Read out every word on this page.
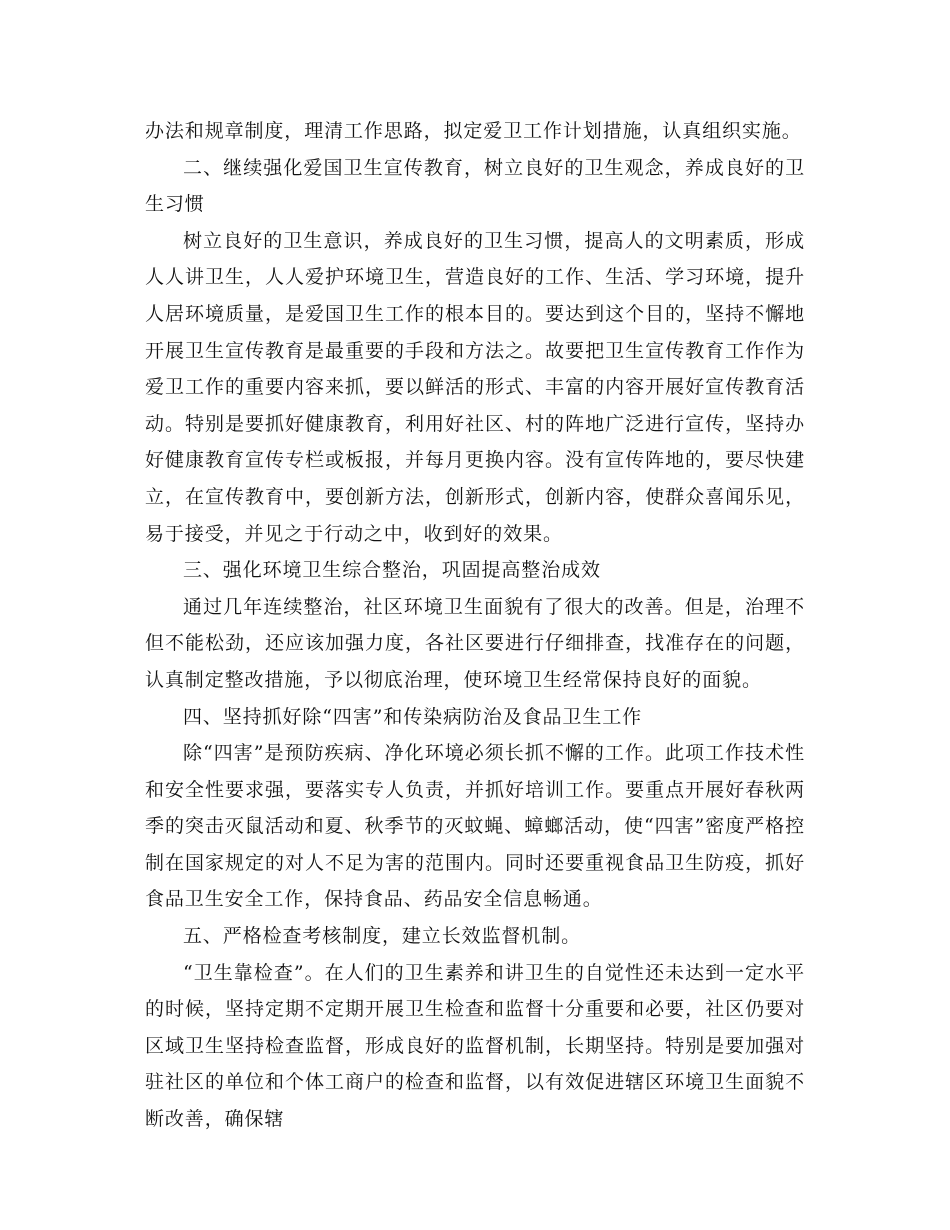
办法和规章制度，理清工作思路，拟定爱卫工作计划措施，认真组织实施。

二、继续强化爱国卫生宣传教育，树立良好的卫生观念，养成良好的卫生习惯

树立良好的卫生意识，养成良好的卫生习惯，提高人的文明素质，形成人人讲卫生，人人爱护环境卫生，营造良好的工作、生活、学习环境，提升人居环境质量，是爱国卫生工作的根本目的。要达到这个目的，坚持不懈地开展卫生宣传教育是最重要的手段和方法之。故要把卫生宣传教育工作作为爱卫工作的重要内容来抓，要以鲜活的形式、丰富的内容开展好宣传教育活动。特别是要抓好健康教育，利用好社区、村的阵地广泛进行宣传，坚持办好健康教育宣传专栏或板报，并每月更换内容。没有宣传阵地的，要尽快建立，在宣传教育中，要创新方法，创新形式，创新内容，使群众喜闻乐见，易于接受，并见之于行动之中，收到好的效果。

三、强化环境卫生综合整治，巩固提高整治成效

通过几年连续整治，社区环境卫生面貌有了很大的改善。但是，治理不但不能松劲，还应该加强力度，各社区要进行仔细排查，找准存在的问题，认真制定整改措施，予以彻底治理，使环境卫生经常保持良好的面貌。

四、坚持抓好除“四害”和传染病防治及食品卫生工作

除“四害”是预防疾病、净化环境必须长抓不懈的工作。此项工作技术性和安全性要求强，要落实专人负责，并抓好培训工作。要重点开展好春秋两季的突击灭鼠活动和夏、秋季节的灭蚊蝇、蟑螂活动，使“四害”密度严格控制在国家规定的对人不足为害的范围内。同时还要重视食品卫生防疫，抓好食品卫生安全工作，保持食品、药品安全信息畅通。

五、严格检查考核制度，建立长效监督机制。

“卫生靠检查”。在人们的卫生素养和讲卫生的自觉性还未达到一定水平的时候，坚持定期不定期开展卫生检查和监督十分重要和必要，社区仍要对区域卫生坚持检查监督，形成良好的监督机制，长期坚持。特别是要加强对驻社区的单位和个体工商户的检查和监督，以有效促进辖区环境卫生面貌不断改善，确保辖
